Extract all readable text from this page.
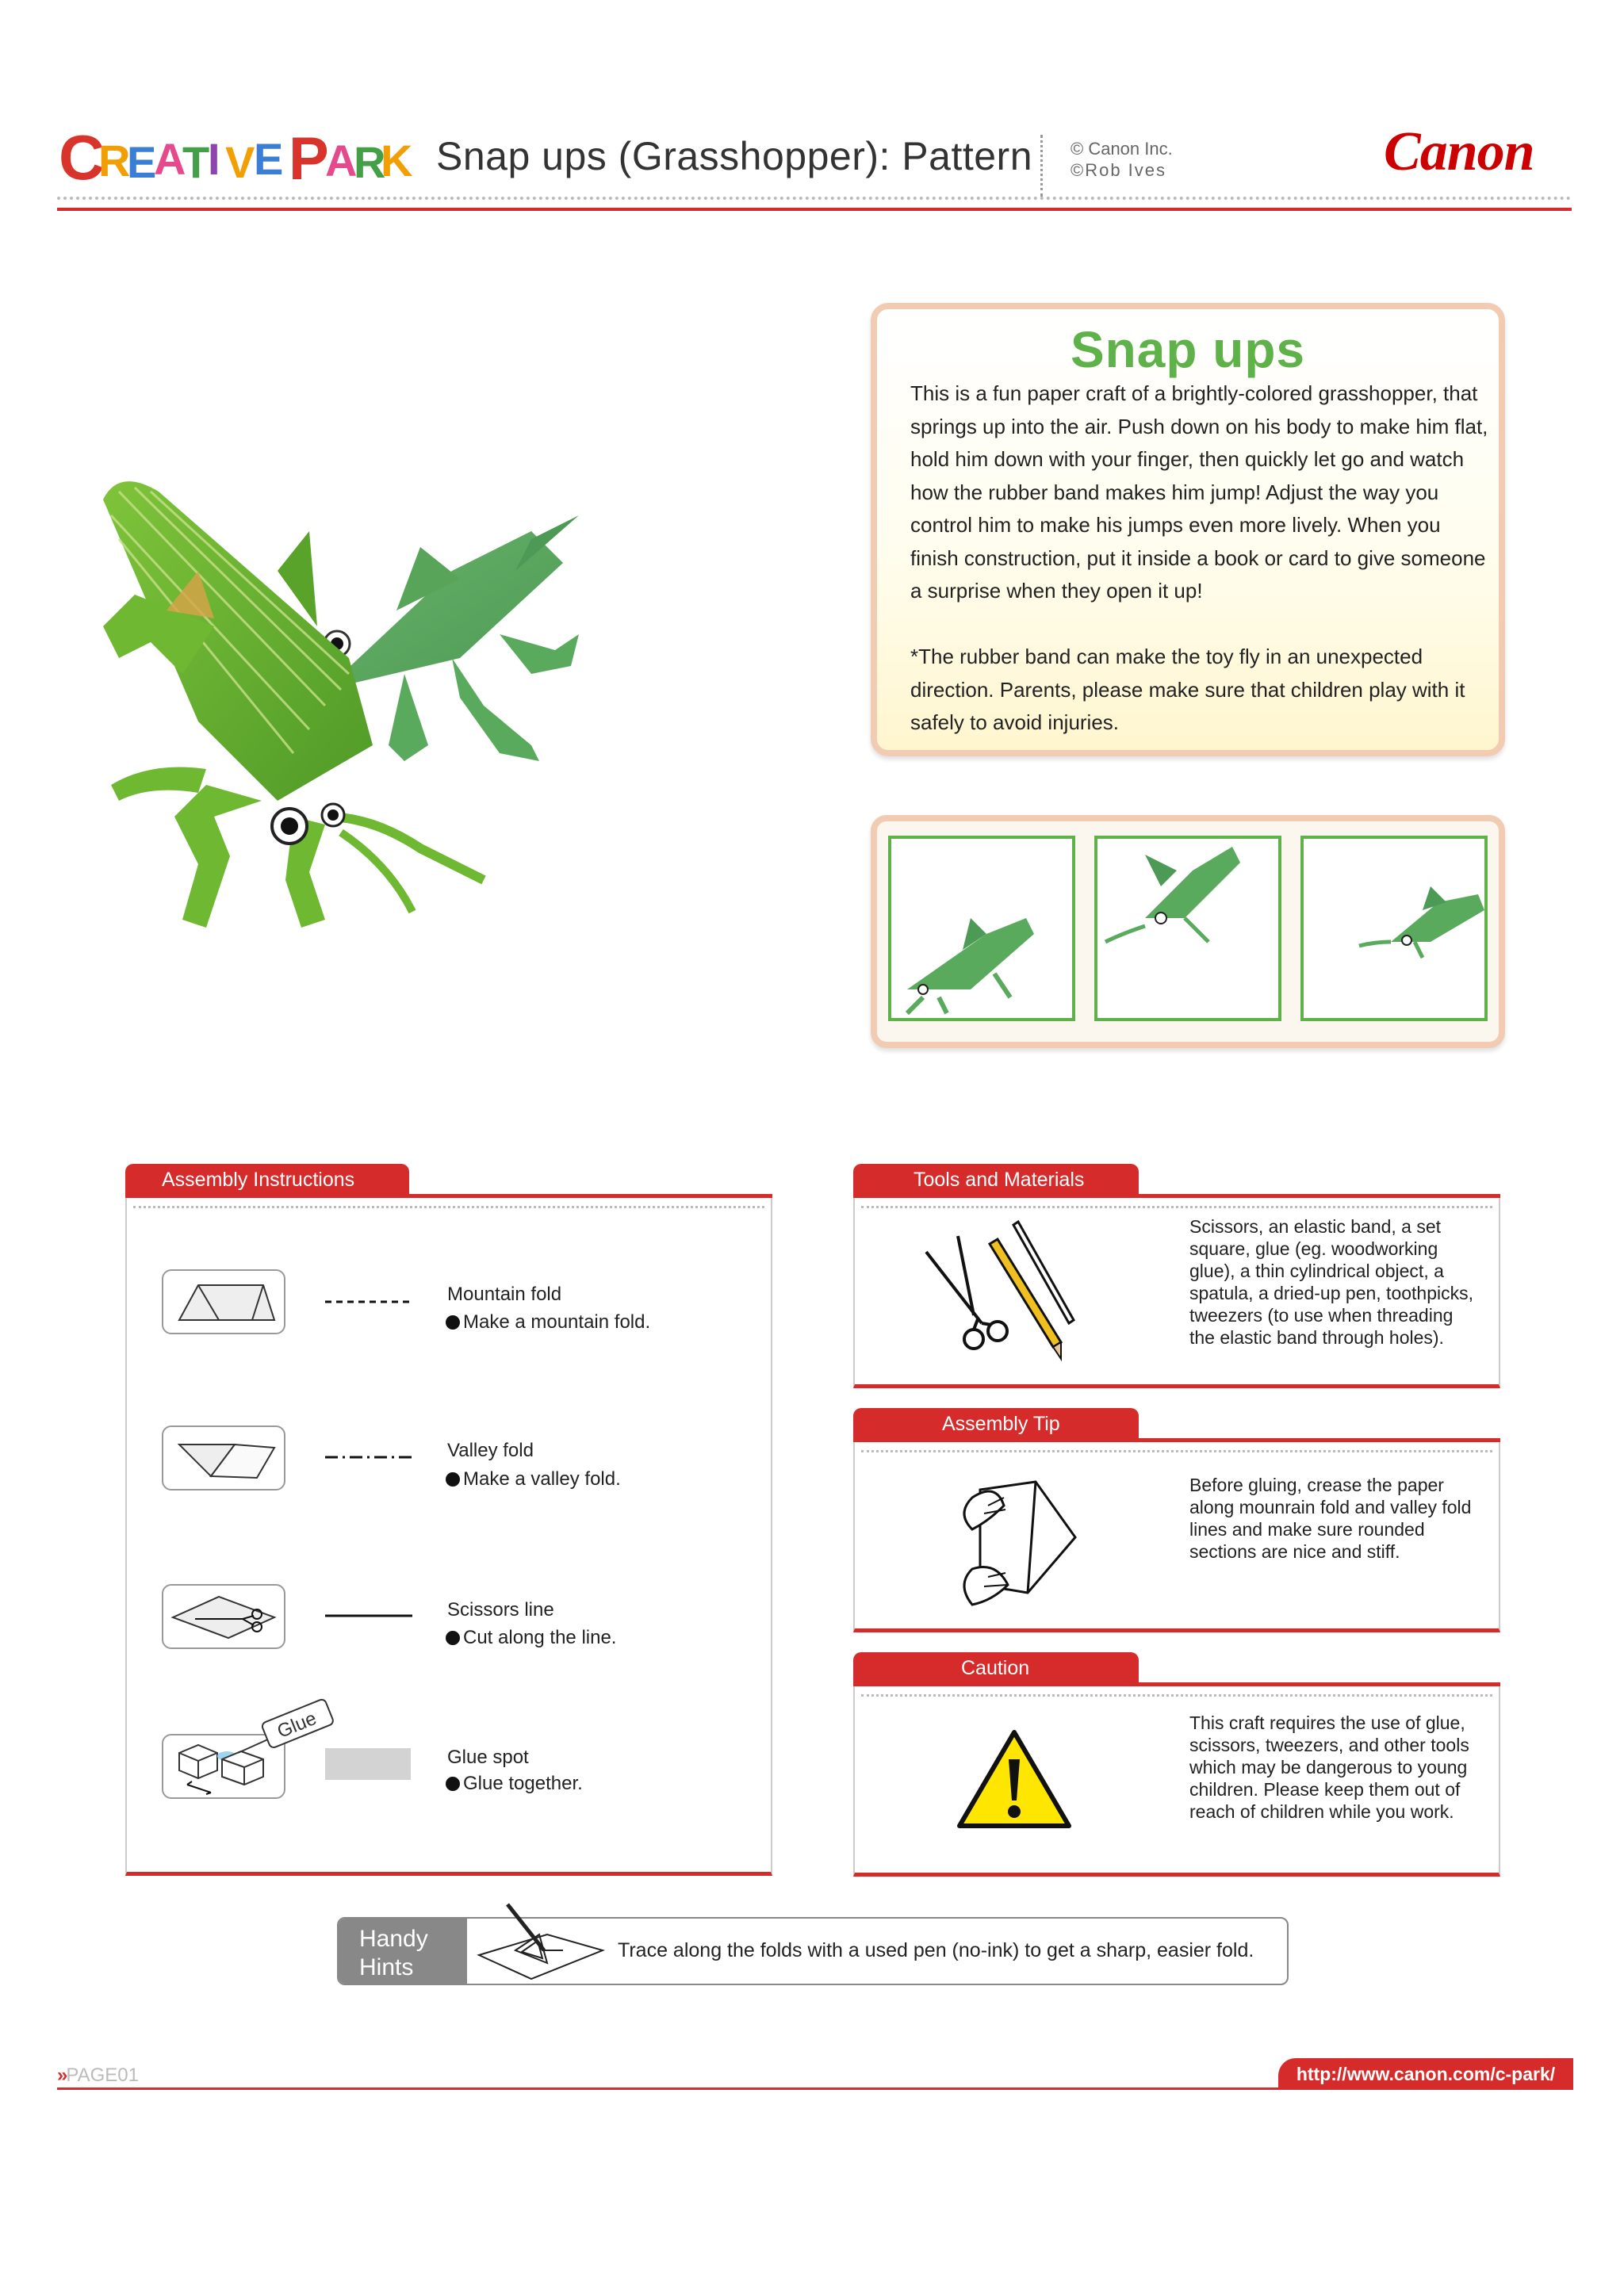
C
R
E
A
T
I V
E P
A
R
K Snap ups (Grasshopper): Pattern © Canon Inc.
©Rob Ives	Canon
Snap ups
This is a fun paper craft of a brightly-colored grasshopper, that springs up into the air. Push down on his body to make him flat, hold him down with your finger, then quickly let go and watch how the rubber band makes him jump! Adjust the way you control him to make his jumps even more lively. When you finish construction, put it inside a book or card to give someone a surprise when they open it up!
*The rubber band can make the toy fly in an unexpected direction. Parents, please make sure that children play with it safely to avoid injuries.
Assembly Instructions
Mountain fold
Make a mountain fold.
Valley fold
Make a valley fold.
Scissors line
Cut along the line.
Glue
Glue spot
Glue together.
Tools and Materials
Scissors, an elastic band, a set square, glue (eg. woodworking glue), a thin cylindrical object, a spatula, a dried-up pen, toothpicks, tweezers (to use when threading the elastic band through holes).
Assembly Tip
Before gluing, crease the paper along mounrain fold and valley fold lines and make sure rounded sections are nice and stiff.
Caution
This craft requires the use of glue, scissors, tweezers, and other tools which may be dangerous to young children. Please keep them out of reach of children while you work.
Handy
Hints
Trace along the folds with a used pen (no-ink) to get a sharp, easier fold.
»PAGE01	http://www.canon.com/c-park/
